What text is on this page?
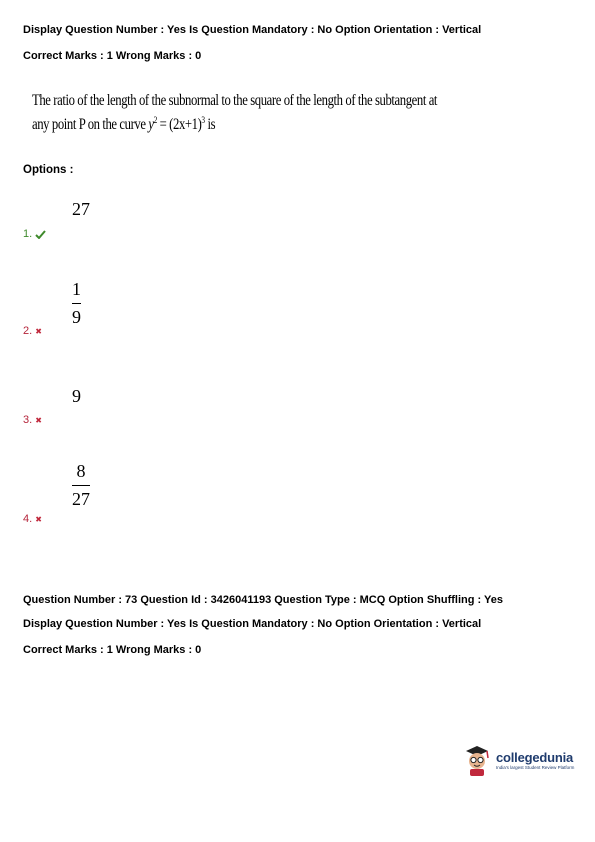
Display Question Number : Yes Is Question Mandatory : No Option Orientation : Vertical
Correct Marks : 1 Wrong Marks : 0
The ratio of the length of the subnormal to the square of the length of the subtangent at
any point P on the curve $y^2 = (2x+1)^3$ is
Options :
27
1.
1
9
2. ✖
9
3. ✖
8
27
4. ✖
Question Number : 73 Question Id : 3426041193 Question Type : MCQ Option Shuffling : Yes
Display Question Number : Yes Is Question Mandatory : No Option Orientation : Vertical
Correct Marks : 1 Wrong Marks : 0
collegedunia
India's largest Student Review Platform
